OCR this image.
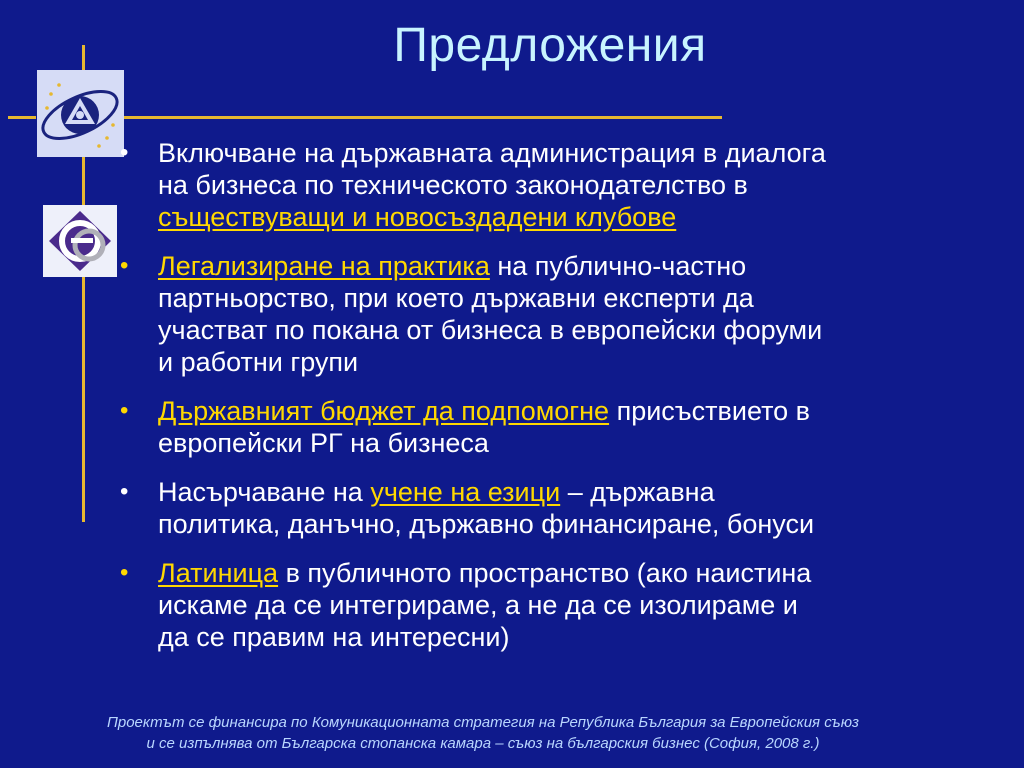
Предложения
• Включване на държавната администрация в диалога
на бизнеса по техническото законодателство в
съществуващи и новосъздадени клубове
• Легализиране на практика на публично-частно
партньорство, при което държавни експерти да
участват по покана от бизнеса в европейски форуми
и работни групи
• Държавният бюджет да подпомогне присъствието в
европейски РГ на бизнеса
• Насърчаване на учене на езици – държавна
политика, данъчно, държавно финансиране, бонуси
• Латиница в публичното пространство (ако наистина
искаме да се интегрираме, а не да се изолираме и
да се правим на интересни)
Проектът се финансира по Комуникационната стратегия на Република България за Европейския съюз
и се изпълнява от Българска стопанска камара – съюз на българския бизнес (София, 2008 г.)
